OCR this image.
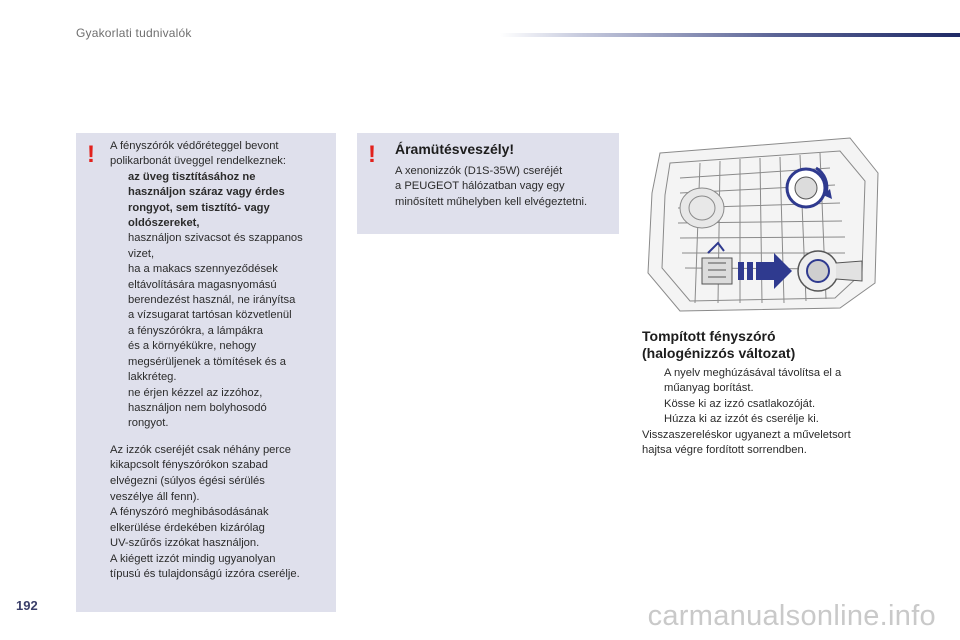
Gyakorlati tudnivalók
! A fényszórók védőréteggel bevont
polikarbonát üveggel rendelkeznek:
az üveg tisztításához ne
használjon száraz vagy érdes
rongyot, sem tisztító- vagy
oldószereket,
használjon szivacsot és szappanos
vizet,
ha a makacs szennyeződések
eltávolítására magasnyomású
berendezést használ, ne irányítsa
a vízsugarat tartósan közvetlenül
a fényszórókra, a lámpákra
és a környékükre, nehogy
megsérüljenek a tömítések és a
lakkréteg.
ne érjen kézzel az izzóhoz,
használjon nem bolyhosodó
rongyot.
Az izzók cseréjét csak néhány perce
kikapcsolt fényszórókon szabad
elvégezni (súlyos égési sérülés
veszélye áll fenn).
A fényszóró meghibásodásának
elkerülése érdekében kizárólag
UV-szűrős izzókat használjon.
A kiégett izzót mindig ugyanolyan
típusú és tulajdonságú izzóra cserélje.
! Áramütésveszély!
A xenonizzók (D1S-35W) cseréjét
a PEUGEOT hálózatban vagy egy
minősített műhelyben kell elvégeztetni.
Tompított fényszóró
(halogénizzós változat)
A nyelv meghúzásával távolítsa el a
műanyag borítást.
Kösse ki az izzó csatlakozóját.
Húzza ki az izzót és cserélje ki.
Visszaszereléskor ugyanezt a műveletsort
hajtsa végre fordított sorrendben.
192	carmanualsonline.info
